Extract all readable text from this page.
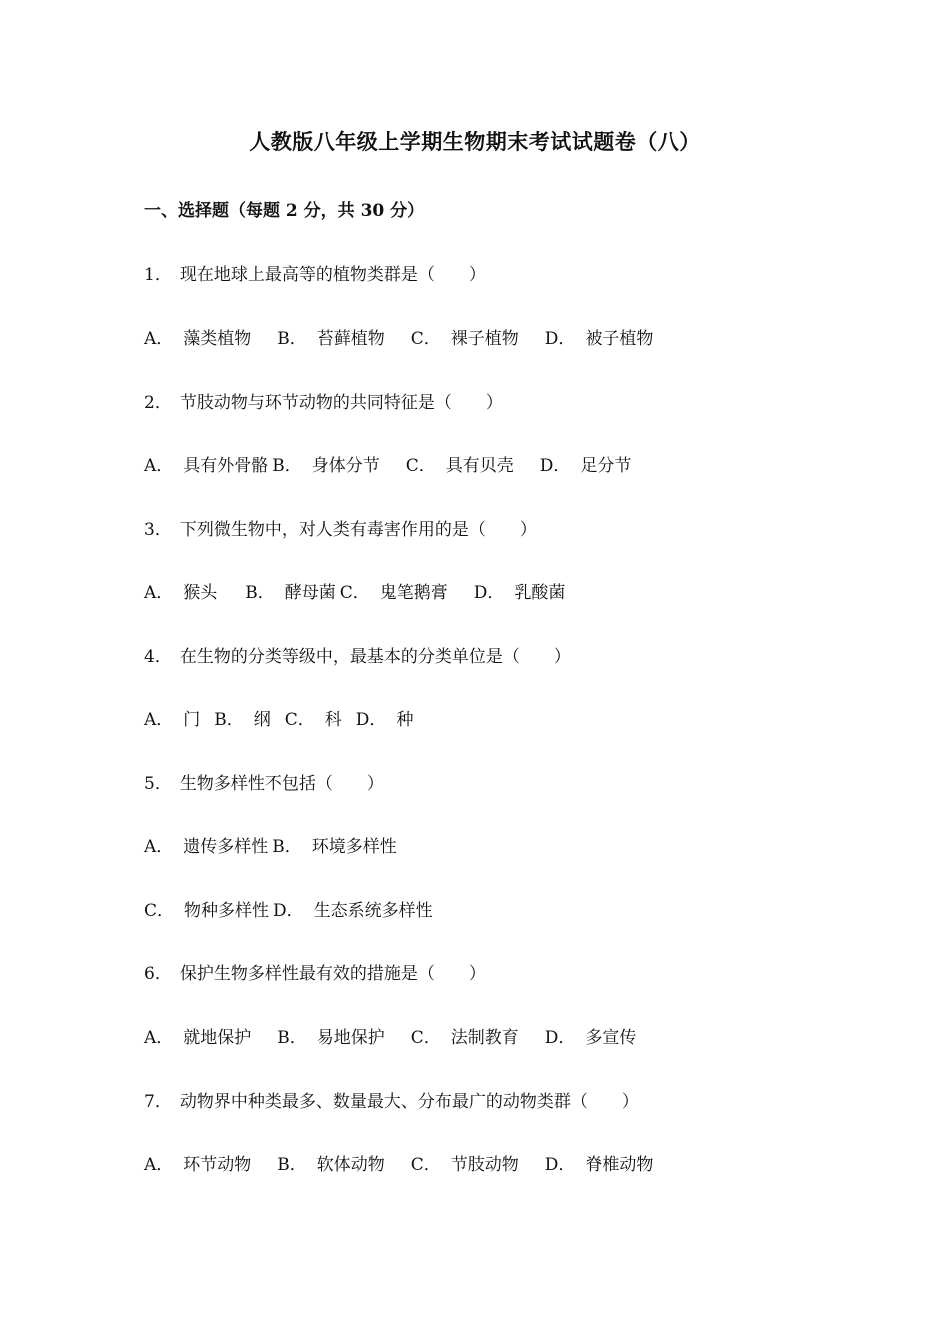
人教版八年级上学期生物期末考试试题卷（八）
一、选择题（每题 2 分，共 30 分）
1． 现在地球上最高等的植物类群是（　　）
A． 藻类植物 B． 苔藓植物 C． 裸子植物 D． 被子植物
2． 节肢动物与环节动物的共同特征是（　　）
A． 具有外骨骼 B． 身体分节 C． 具有贝壳 D． 足分节
3． 下列微生物中，对人类有毒害作用的是（　　）
A． 猴头 B． 酵母菌 C． 鬼笔鹅膏 D． 乳酸菌
4． 在生物的分类等级中，最基本的分类单位是（　　）
A． 门 B． 纲 C． 科 D． 种
5． 生物多样性不包括（　　）
A． 遗传多样性 B． 环境多样性
C． 物种多样性 D． 生态系统多样性
6． 保护生物多样性最有效的措施是（　　）
A． 就地保护 B． 易地保护 C． 法制教育 D． 多宣传
7． 动物界中种类最多、数量最大、分布最广的动物类群（　　）
A． 环节动物 B． 软体动物 C． 节肢动物 D． 脊椎动物
